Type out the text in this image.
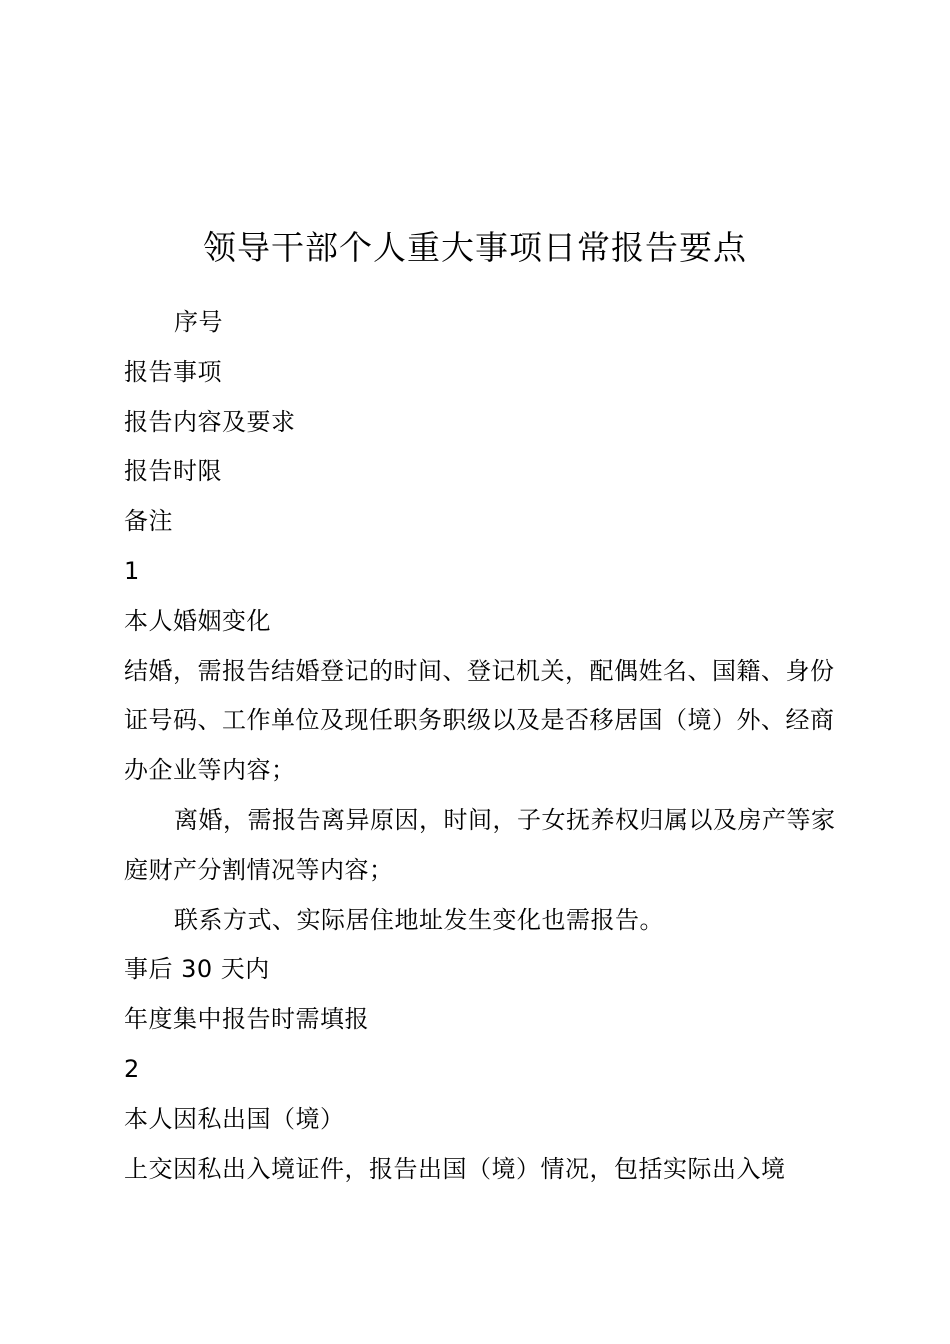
领导干部个人重大事项日常报告要点

序号

报告事项

报告内容及要求

报告时限

备注

1

本人婚姻变化

结婚，需报告结婚登记的时间、登记机关，配偶姓名、国籍、身份证号码、工作单位及现任职务职级以及是否移居国（境）外、经商办企业等内容；

离婚，需报告离异原因，时间，子女抚养权归属以及房产等家庭财产分割情况等内容；

联系方式、实际居住地址发生变化也需报告。

事后 30 天内

年度集中报告时需填报

2

本人因私出国（境）

上交因私出入境证件，报告出国（境）情况，包括实际出入境
